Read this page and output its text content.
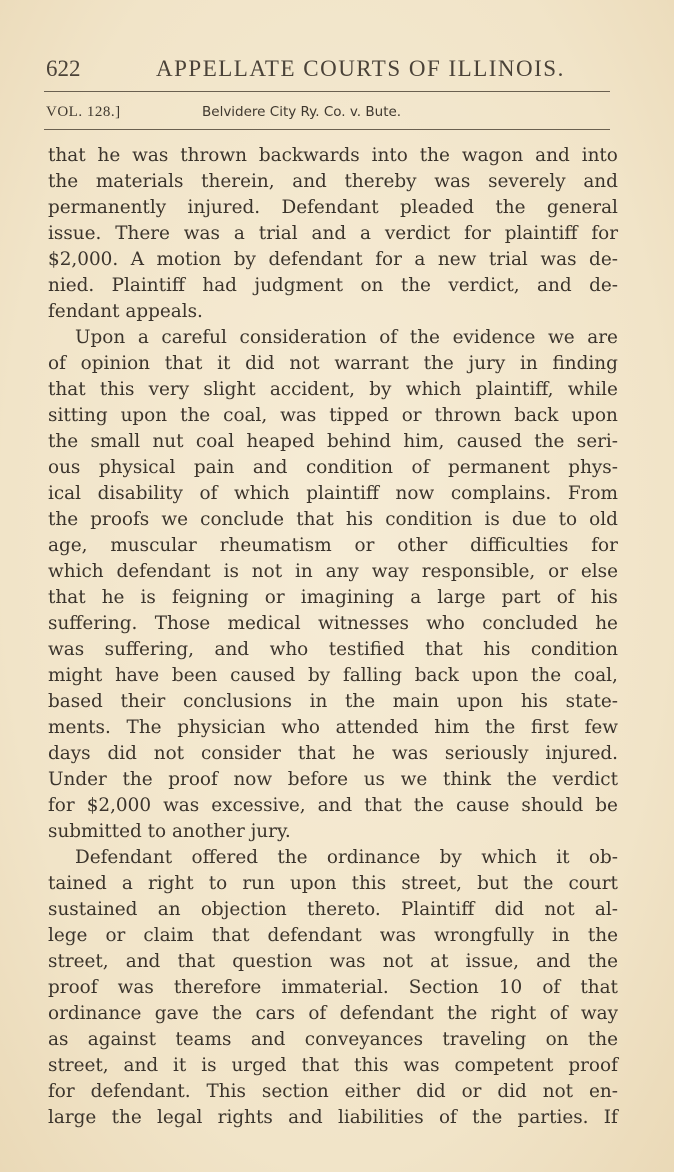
622	APPELLATE COURTS OF ILLINOIS.
VOL. 128.]	Belvidere City Ry. Co. v. Bute.
that he was thrown backwards into the wagon and into
the materials therein, and thereby was severely and
permanently injured. Defendant pleaded the general
issue. There was a trial and a verdict for plaintiff for
$2,000. A motion by defendant for a new trial was de-
nied. Plaintiff had judgment on the verdict, and de-
fendant appeals.
Upon a careful consideration of the evidence we are
of opinion that it did not warrant the jury in finding
that this very slight accident, by which plaintiff, while
sitting upon the coal, was tipped or thrown back upon
the small nut coal heaped behind him, caused the seri-
ous physical pain and condition of permanent phys-
ical disability of which plaintiff now complains. From
the proofs we conclude that his condition is due to old
age, muscular rheumatism or other difficulties for
which defendant is not in any way responsible, or else
that he is feigning or imagining a large part of his
suffering. Those medical witnesses who concluded he
was suffering, and who testified that his condition
might have been caused by falling back upon the coal,
based their conclusions in the main upon his state-
ments. The physician who attended him the first few
days did not consider that he was seriously injured.
Under the proof now before us we think the verdict
for $2,000 was excessive, and that the cause should be
submitted to another jury.
Defendant offered the ordinance by which it ob-
tained a right to run upon this street, but the court
sustained an objection thereto. Plaintiff did not al-
lege or claim that defendant was wrongfully in the
street, and that question was not at issue, and the
proof was therefore immaterial. Section 10 of that
ordinance gave the cars of defendant the right of way
as against teams and conveyances traveling on the
street, and it is urged that this was competent proof
for defendant. This section either did or did not en-
large the legal rights and liabilities of the parties. If
